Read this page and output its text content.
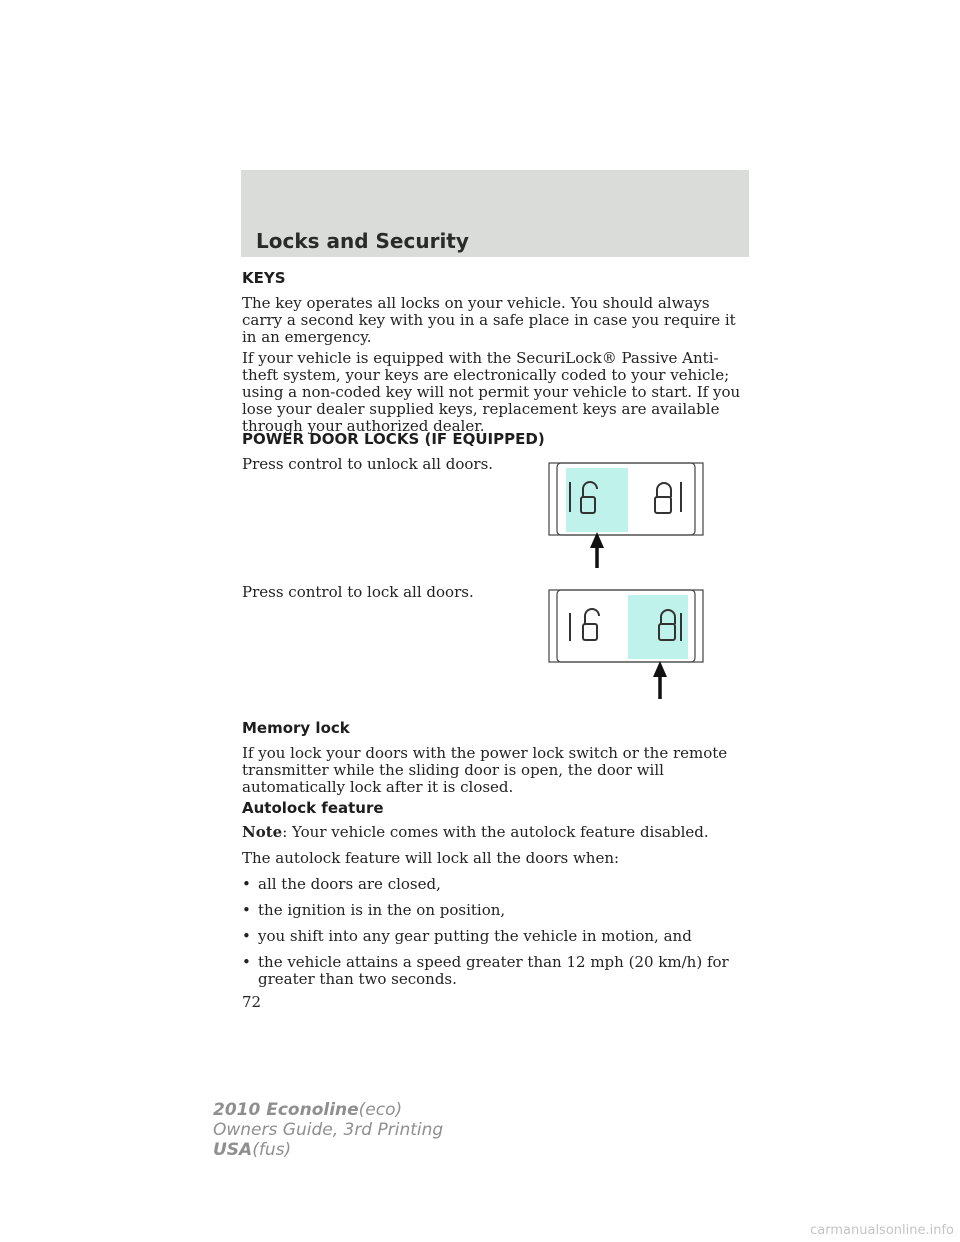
Locks and Security
KEYS
The key operates all locks on your vehicle. You should always carry a second key with you in a safe place in case you require it in an emergency.
If your vehicle is equipped with the SecuriLock® Passive Anti-theft system, your keys are electronically coded to your vehicle; using a non-coded key will not permit your vehicle to start. If you lose your dealer supplied keys, replacement keys are available through your authorized dealer.
POWER DOOR LOCKS (IF EQUIPPED)
Press control to unlock all doors.
Press control to lock all doors.
Memory lock
If you lock your doors with the power lock switch or the remote transmitter while the sliding door is open, the door will automatically lock after it is closed.
Autolock feature
Note: Your vehicle comes with the autolock feature disabled.
The autolock feature will lock all the doors when:
• all the doors are closed,
• the ignition is in the on position,
• you shift into any gear putting the vehicle in motion, and
• the vehicle attains a speed greater than 12 mph (20 km/h) for greater than two seconds.
72
2010 Econoline(eco)
Owners Guide, 3rd Printing
USA(fus)
carmanualsonline.info
